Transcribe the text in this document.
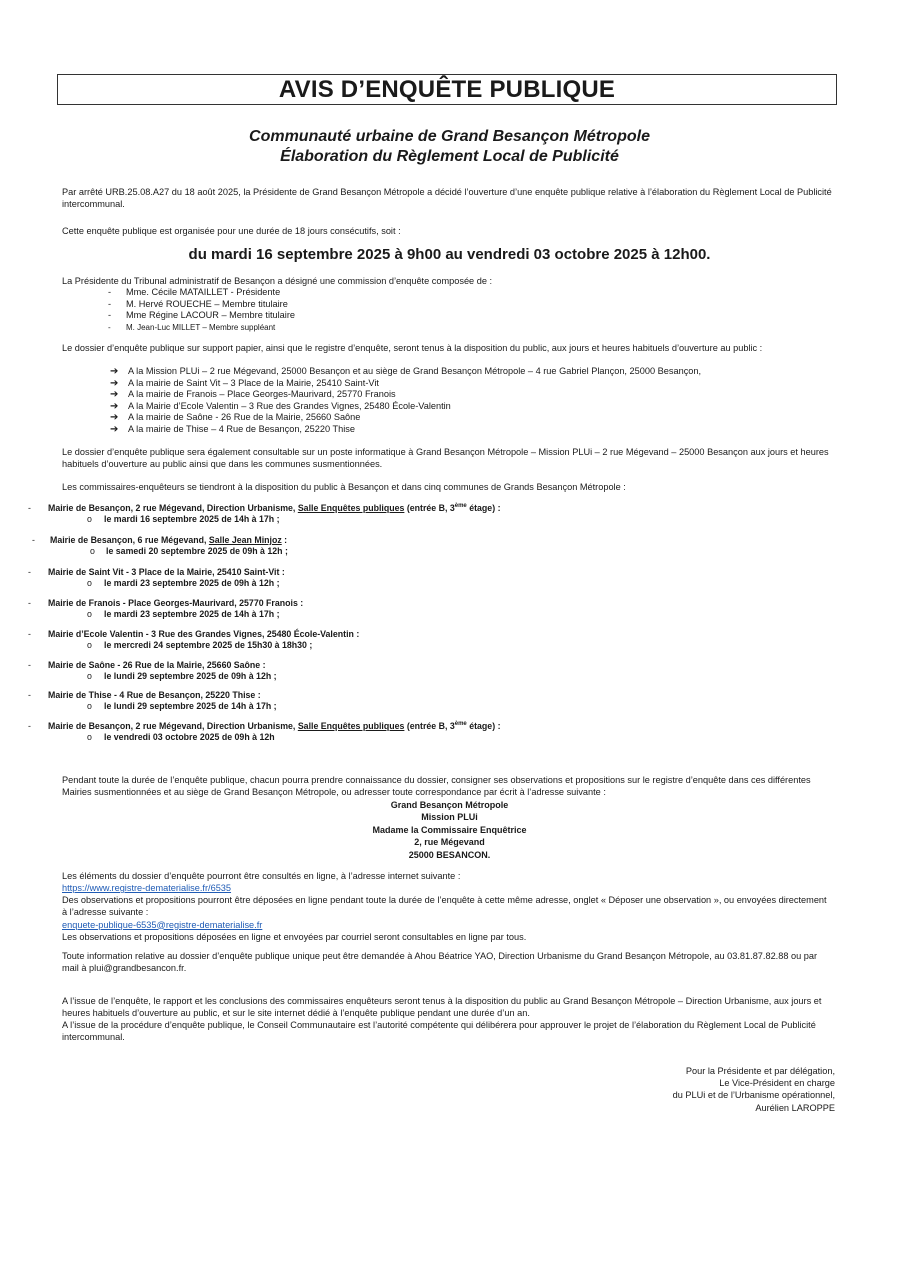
AVIS D’ENQUÊTE PUBLIQUE
Communauté urbaine de Grand Besançon Métropole
Élaboration du Règlement Local de Publicité
Par arrêté URB.25.08.A27 du 18 août 2025, la Présidente de Grand Besançon Métropole a décidé l’ouverture d’une enquête publique relative à l’élaboration du Règlement Local de Publicité intercommunal.
Cette enquête publique est organisée pour une durée de 18 jours consécutifs, soit :
du mardi 16 septembre 2025 à 9h00 au vendredi 03 octobre 2025 à 12h00.
La Présidente du Tribunal administratif de Besançon a désigné une commission d’enquête composée de :
- Mme. Cécile MATAILLET - Présidente
- M. Hervé ROUECHE – Membre titulaire
- Mme Régine LACOUR – Membre titulaire
- M. Jean-Luc MILLET – Membre suppléant
Le dossier d’enquête publique sur support papier, ainsi que le registre d’enquête, seront tenus à la disposition du public, aux jours et heures habituels d’ouverture au public :
➔ A la Mission PLUi – 2 rue Mégevand, 25000 Besançon et au siège de Grand Besançon Métropole – 4 rue Gabriel Plançon, 25000 Besançon,
➔ A la mairie de Saint Vit – 3 Place de la Mairie, 25410 Saint-Vit
➔ A la mairie de Franois – Place Georges-Maurivard, 25770 Franois
➔ A la Mairie d’Ecole Valentin – 3 Rue des Grandes Vignes, 25480 École-Valentin
➔ A la mairie de Saône - 26 Rue de la Mairie, 25660 Saône
➔ A la mairie de Thise – 4 Rue de Besançon, 25220 Thise
Le dossier d’enquête publique sera également consultable sur un poste informatique à Grand Besançon Métropole – Mission PLUi – 2 rue Mégevand – 25000 Besançon aux jours et heures habituels d’ouverture au public ainsi que dans les communes susmentionnées.
Les commissaires-enquêteurs se tiendront à la disposition du public à Besançon et dans cinq communes de Grands Besançon Métropole :
- Mairie de Besançon, 2 rue Mégevand, Direction Urbanisme, Salle Enquêtes publiques (entrée B, 3ème étage) :
o le mardi 16 septembre 2025 de 14h à 17h ;
- Mairie de Besançon, 6 rue Mégevand, Salle Jean Minjoz :
o le samedi 20 septembre 2025 de 09h à 12h ;
- Mairie de Saint Vit - 3 Place de la Mairie, 25410 Saint-Vit :
o le mardi 23 septembre 2025 de 09h à 12h ;
- Mairie de Franois - Place Georges-Maurivard, 25770 Franois :
o le mardi 23 septembre 2025 de 14h à 17h ;
- Mairie d’Ecole Valentin - 3 Rue des Grandes Vignes, 25480 École-Valentin :
o le mercredi 24 septembre 2025 de 15h30 à 18h30 ;
- Mairie de Saône - 26 Rue de la Mairie, 25660 Saône :
o le lundi 29 septembre 2025 de 09h à 12h ;
- Mairie de Thise - 4 Rue de Besançon, 25220 Thise :
o le lundi 29 septembre 2025 de 14h à 17h ;
- Mairie de Besançon, 2 rue Mégevand, Direction Urbanisme, Salle Enquêtes publiques (entrée B, 3ème étage) :
o le vendredi 03 octobre 2025 de 09h à 12h
Pendant toute la durée de l’enquête publique, chacun pourra prendre connaissance du dossier, consigner ses observations et propositions sur le registre d’enquête dans ces différentes Mairies susmentionnées et au siège de Grand Besançon Métropole, ou adresser toute correspondance par écrit à l’adresse suivante :
Grand Besançon Métropole
Mission PLUi
Madame la Commissaire Enquêtrice
2, rue Mégevand
25000 BESANCON.
Les éléments du dossier d’enquête pourront être consultés en ligne, à l’adresse internet suivante :
https://www.registre-dematerialise.fr/6535
Des observations et propositions pourront être déposées en ligne pendant toute la durée de l’enquête à cette même adresse, onglet « Déposer une observation », ou envoyées directement à l’adresse suivante :
enquete-publique-6535@registre-dematerialise.fr
Les observations et propositions déposées en ligne et envoyées par courriel seront consultables en ligne par tous.
Toute information relative au dossier d’enquête publique unique peut être demandée à Ahou Béatrice YAO, Direction Urbanisme du Grand Besançon Métropole, au 03.81.87.82.88 ou par mail à plui@grandbesancon.fr.
A l’issue de l’enquête, le rapport et les conclusions des commissaires enquêteurs seront tenus à la disposition du public au Grand Besançon Métropole – Direction Urbanisme, aux jours et heures habituels d’ouverture au public, et sur le site internet dédié à l’enquête publique pendant une durée d’un an.
A l’issue de la procédure d’enquête publique, le Conseil Communautaire est l’autorité compétente qui délibérera pour approuver le projet de l’élaboration du Règlement Local de Publicité intercommunal.
Pour la Présidente et par délégation,
Le Vice-Président en charge
du PLUi et de l’Urbanisme opérationnel,
Aurélien LAROPPE
